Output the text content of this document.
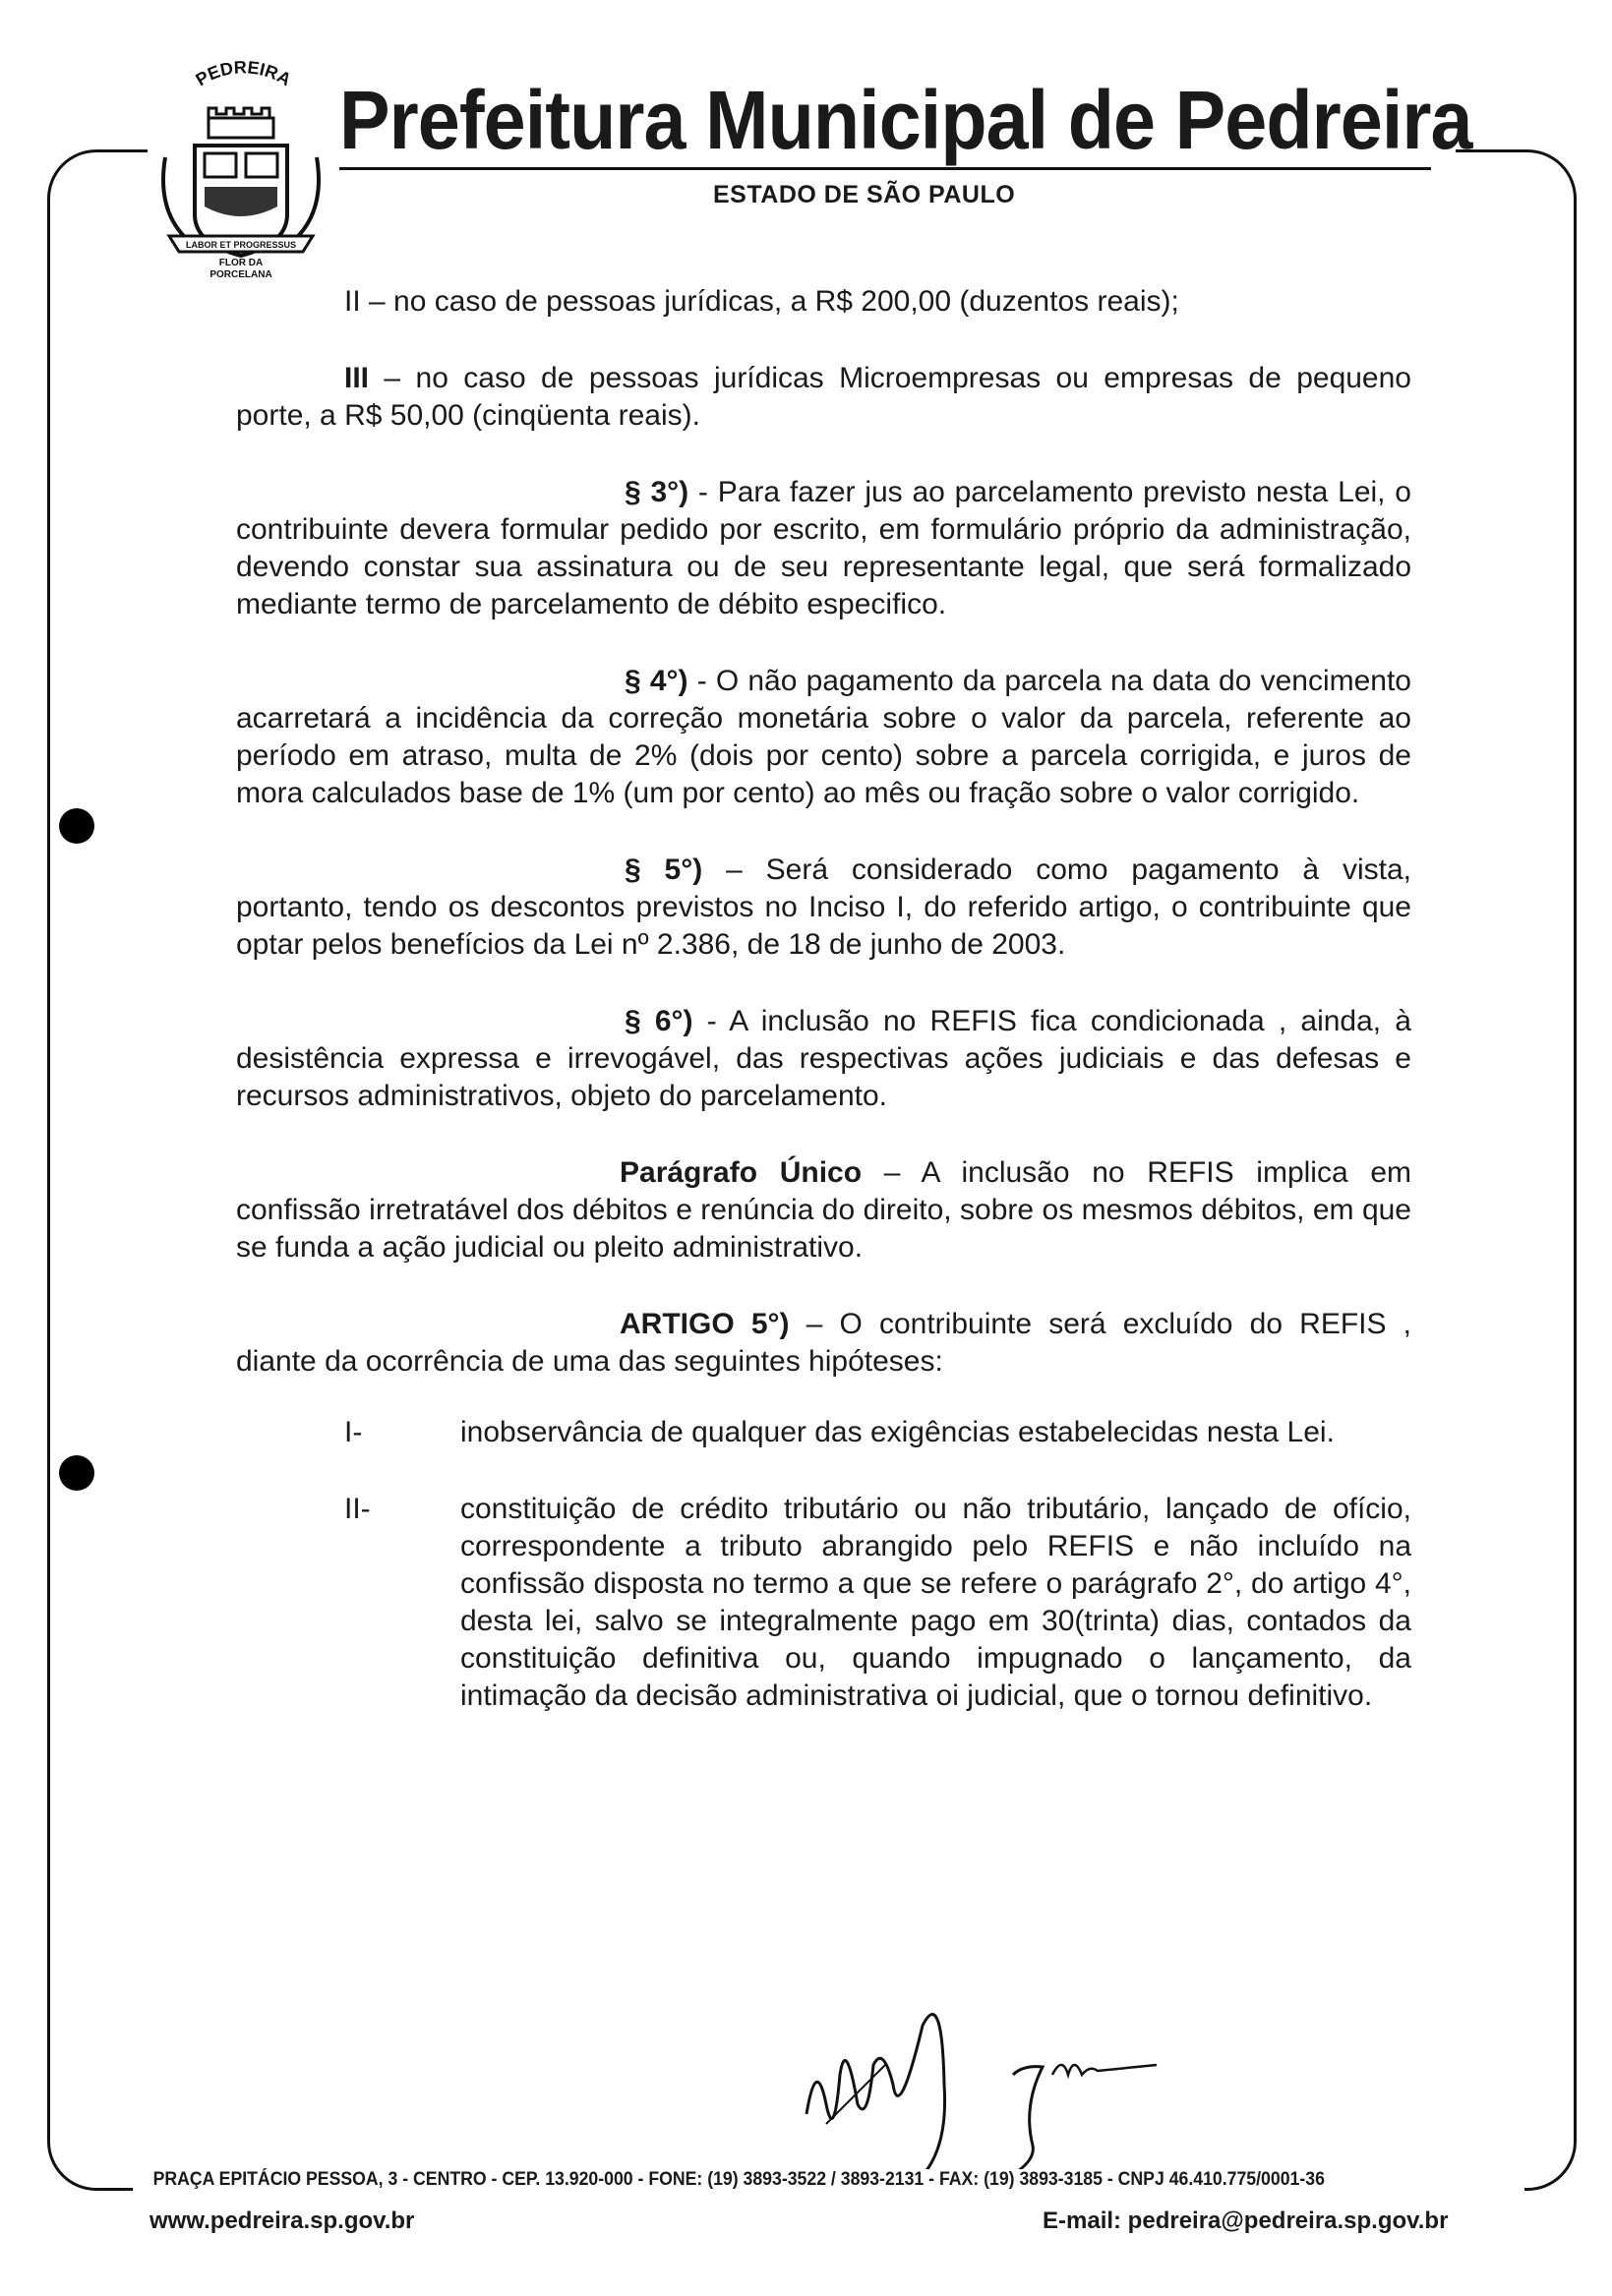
PEDREIRA
LABOR ET PROGRESSUS
FLOR DA
PORCELANA
Prefeitura Municipal de Pedreira
ESTADO DE SÃO PAULO

II – no caso de pessoas jurídicas, a R$ 200,00 (duzentos reais);

III – no caso de pessoas jurídicas Microempresas ou empresas de pequeno porte, a R$ 50,00 (cinqüenta reais).

§ 3°) - Para fazer jus ao parcelamento previsto nesta Lei, o contribuinte devera formular pedido por escrito, em formulário próprio da administração, devendo constar sua assinatura ou de seu representante legal, que será formalizado mediante termo de parcelamento de débito especifico.

§ 4°) - O não pagamento da parcela na data do vencimento acarretará a incidência da correção monetária sobre o valor da parcela, referente ao período em atraso, multa de 2% (dois por cento) sobre a parcela corrigida, e juros de mora calculados base de 1% (um por cento) ao mês ou fração sobre o valor corrigido.

§ 5°) – Será considerado como pagamento à vista, portanto, tendo os descontos previstos no Inciso I, do referido artigo, o contribuinte que optar pelos benefícios da Lei nº 2.386, de 18 de junho de 2003.

§ 6°) - A inclusão no REFIS fica condicionada , ainda, à desistência expressa e irrevogável, das respectivas ações judiciais e das defesas e recursos administrativos, objeto do parcelamento.

Parágrafo Único – A inclusão no REFIS implica em confissão irretratável dos débitos e renúncia do direito, sobre os mesmos débitos, em que se funda a ação judicial ou pleito administrativo.

ARTIGO 5°) – O contribuinte será excluído do REFIS , diante da ocorrência de uma das seguintes hipóteses:

I-	inobservância de qualquer das exigências estabelecidas nesta Lei.
II-	constituição de crédito tributário ou não tributário, lançado de ofício, correspondente a tributo abrangido pelo REFIS e não incluído na confissão disposta no termo a que se refere o parágrafo 2°, do artigo 4°, desta lei, salvo se integralmente pago em 30(trinta) dias, contados da constituição definitiva ou, quando impugnado o lançamento, da intimação da decisão administrativa oi judicial, que o tornou definitivo.
PRAÇA EPITÁCIO PESSOA, 3 - CENTRO - CEP. 13.920-000 - FONE: (19) 3893-3522 / 3893-2131 - FAX: (19) 3893-3185 - CNPJ 46.410.775/0001-36
www.pedreira.sp.gov.br	E-mail: pedreira@pedreira.sp.gov.br
